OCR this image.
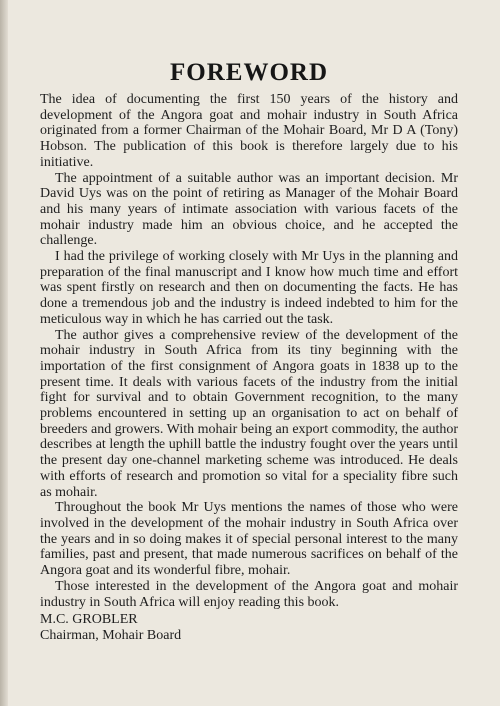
FOREWORD

The idea of documenting the first 150 years of the history and development of the Angora goat and mohair industry in South Africa originated from a former Chairman of the Mohair Board, Mr D A (Tony) Hobson. The publication of this book is therefore largely due to his initiative.

The appointment of a suitable author was an important decision. Mr David Uys was on the point of retiring as Manager of the Mohair Board and his many years of intimate association with various facets of the mohair industry made him an obvious choice, and he accepted the challenge.

I had the privilege of working closely with Mr Uys in the planning and preparation of the final manuscript and I know how much time and effort was spent firstly on research and then on documenting the facts. He has done a tremendous job and the industry is indeed indebted to him for the meticulous way in which he has carried out the task.

The author gives a comprehensive review of the development of the mohair industry in South Africa from its tiny beginning with the importation of the first consignment of Angora goats in 1838 up to the present time. It deals with various facets of the industry from the initial fight for survival and to obtain Government recognition, to the many problems encountered in setting up an organisation to act on behalf of breeders and growers. With mohair being an export commodity, the author describes at length the uphill battle the industry fought over the years until the present day one-channel marketing scheme was introduced. He deals with efforts of research and promotion so vital for a speciality fibre such as mohair.

Throughout the book Mr Uys mentions the names of those who were involved in the development of the mohair industry in South Africa over the years and in so doing makes it of special personal interest to the many families, past and present, that made numerous sacrifices on behalf of the Angora goat and its wonderful fibre, mohair.

Those interested in the development of the Angora goat and mohair industry in South Africa will enjoy reading this book.

M.C. GROBLER
Chairman, Mohair Board
